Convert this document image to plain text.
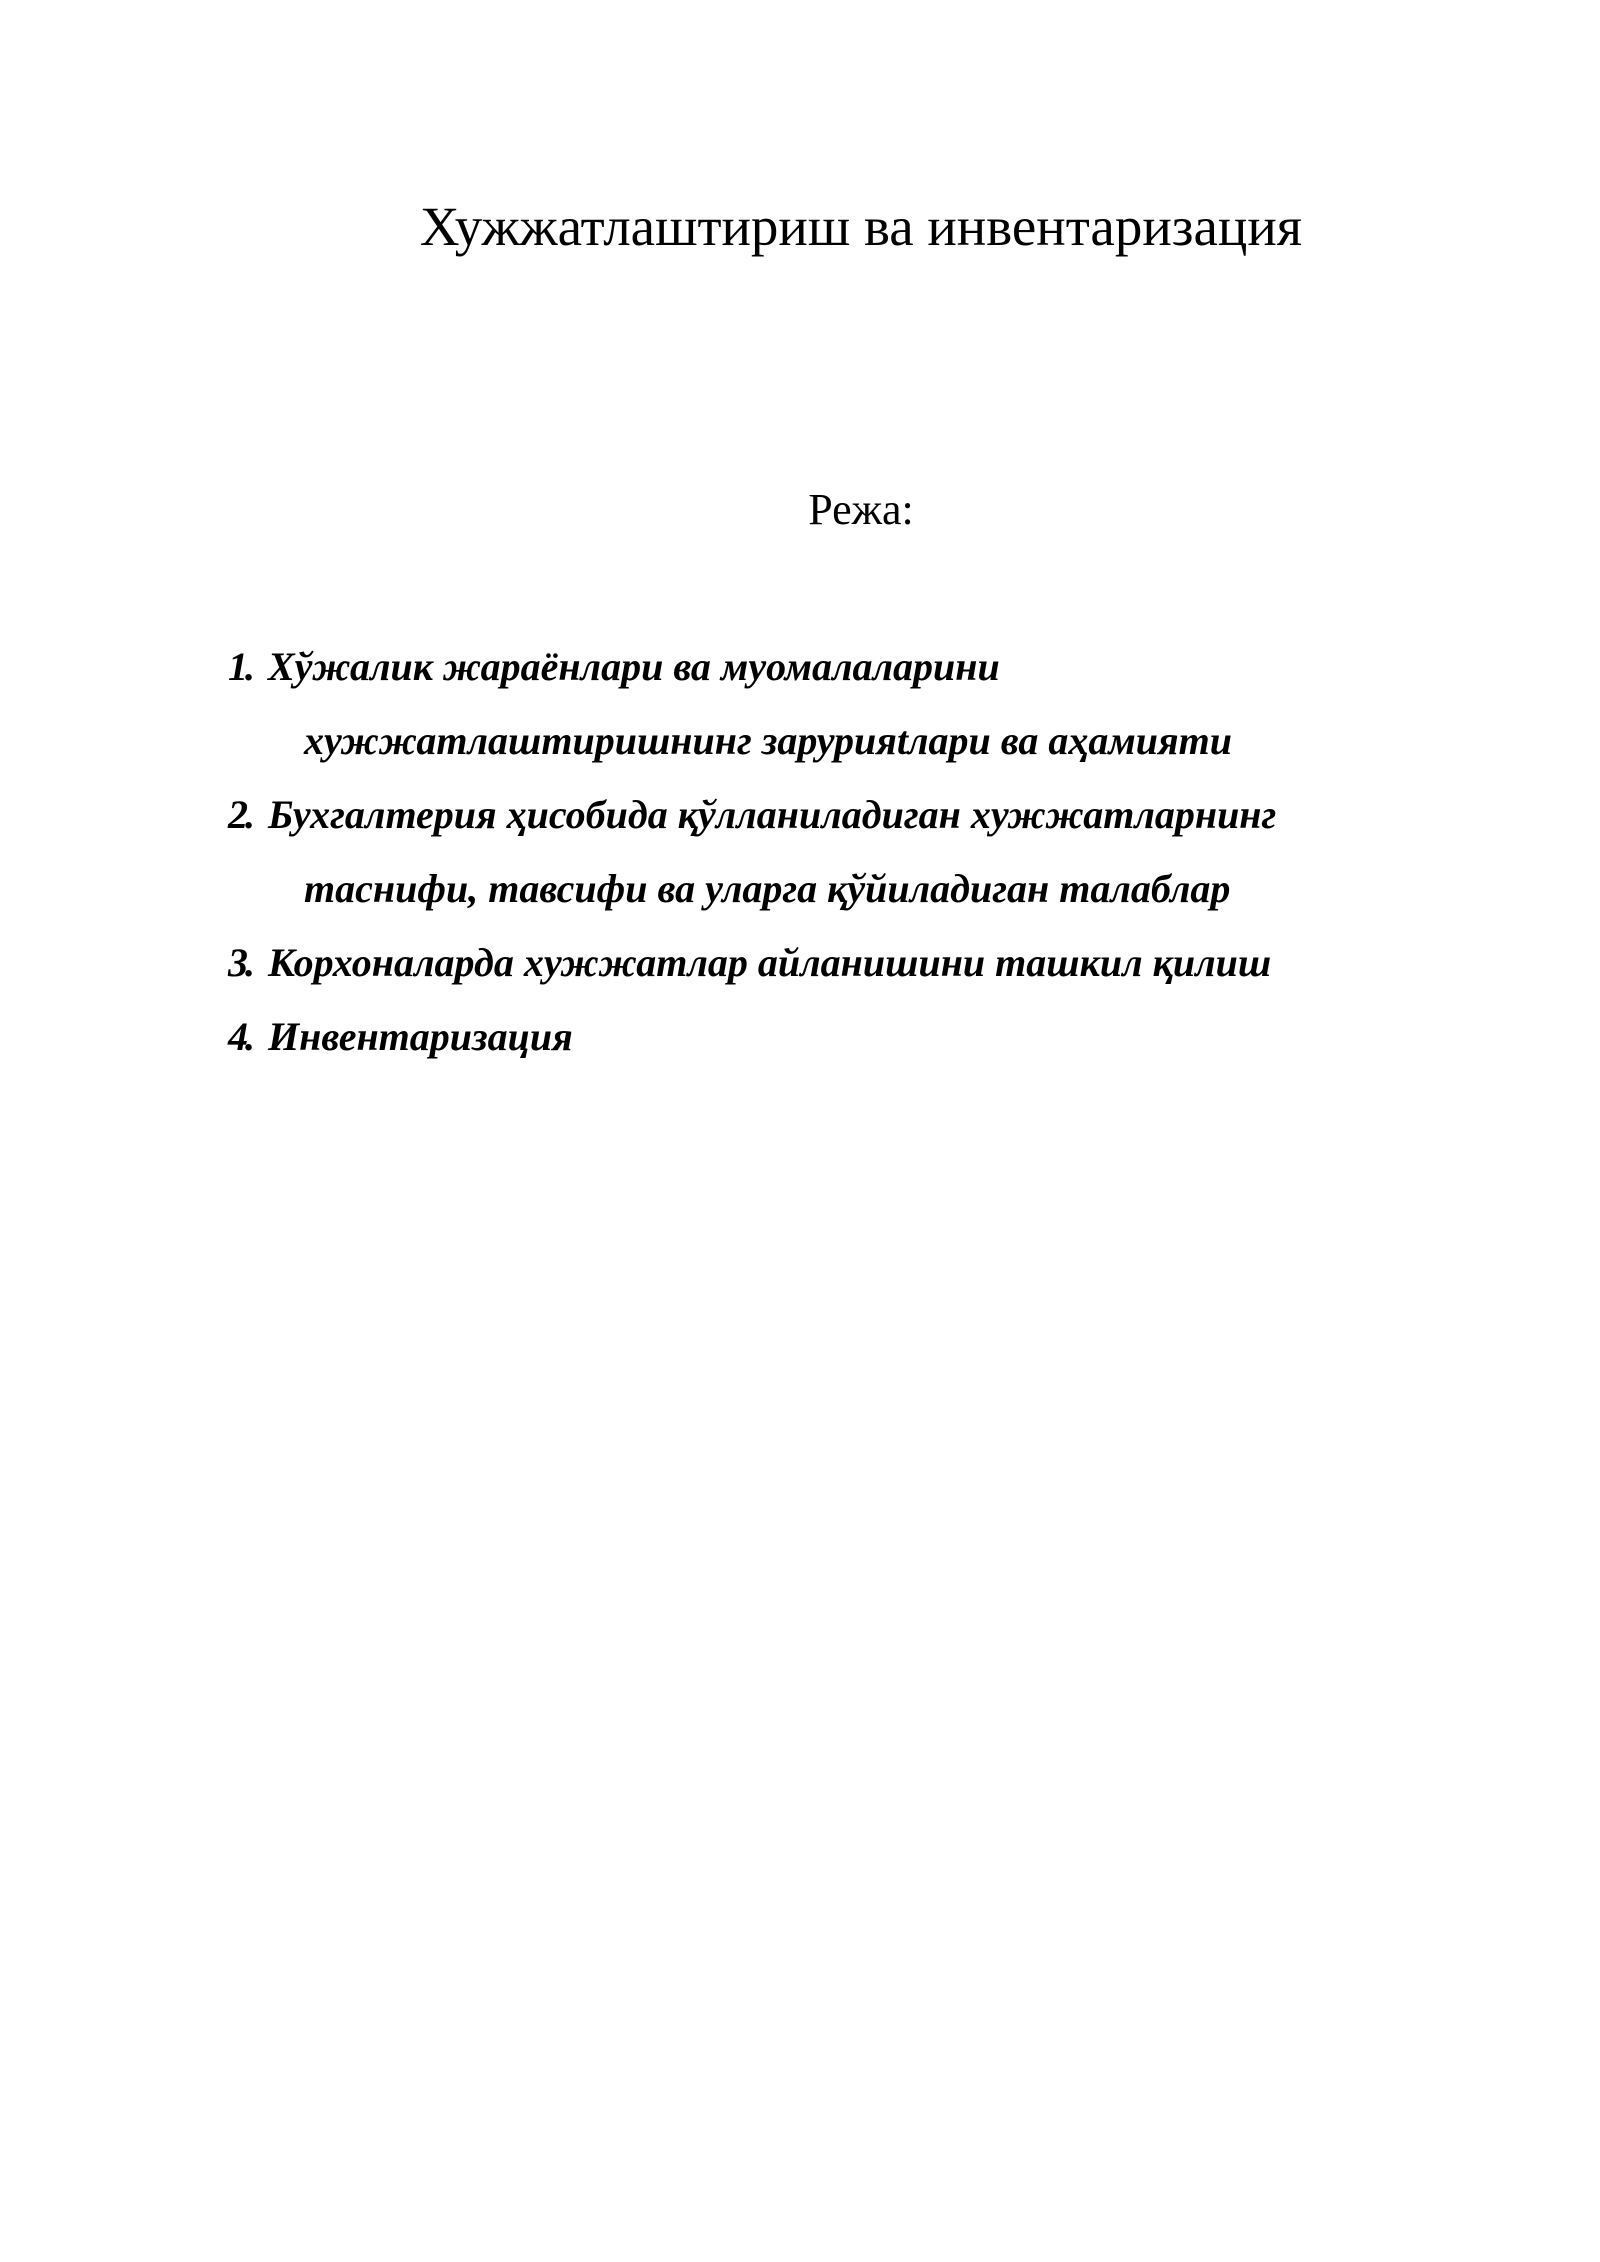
Хужжатлаштириш ва инвентаризация
Режа:
1. Хўжалик жараёнлари ва муомалаларини
хужжатлаштиришнинг зaрурияtлари ва аҳамияти
2. Бухгалтерия ҳисобида қўлланиладиган хужжатларнинг
таснифи, тавсифи ва уларга қўйиладиган талаблар
3. Корхоналарда хужжатлар айланишини ташкил қилиш
4. Инвентаризация
